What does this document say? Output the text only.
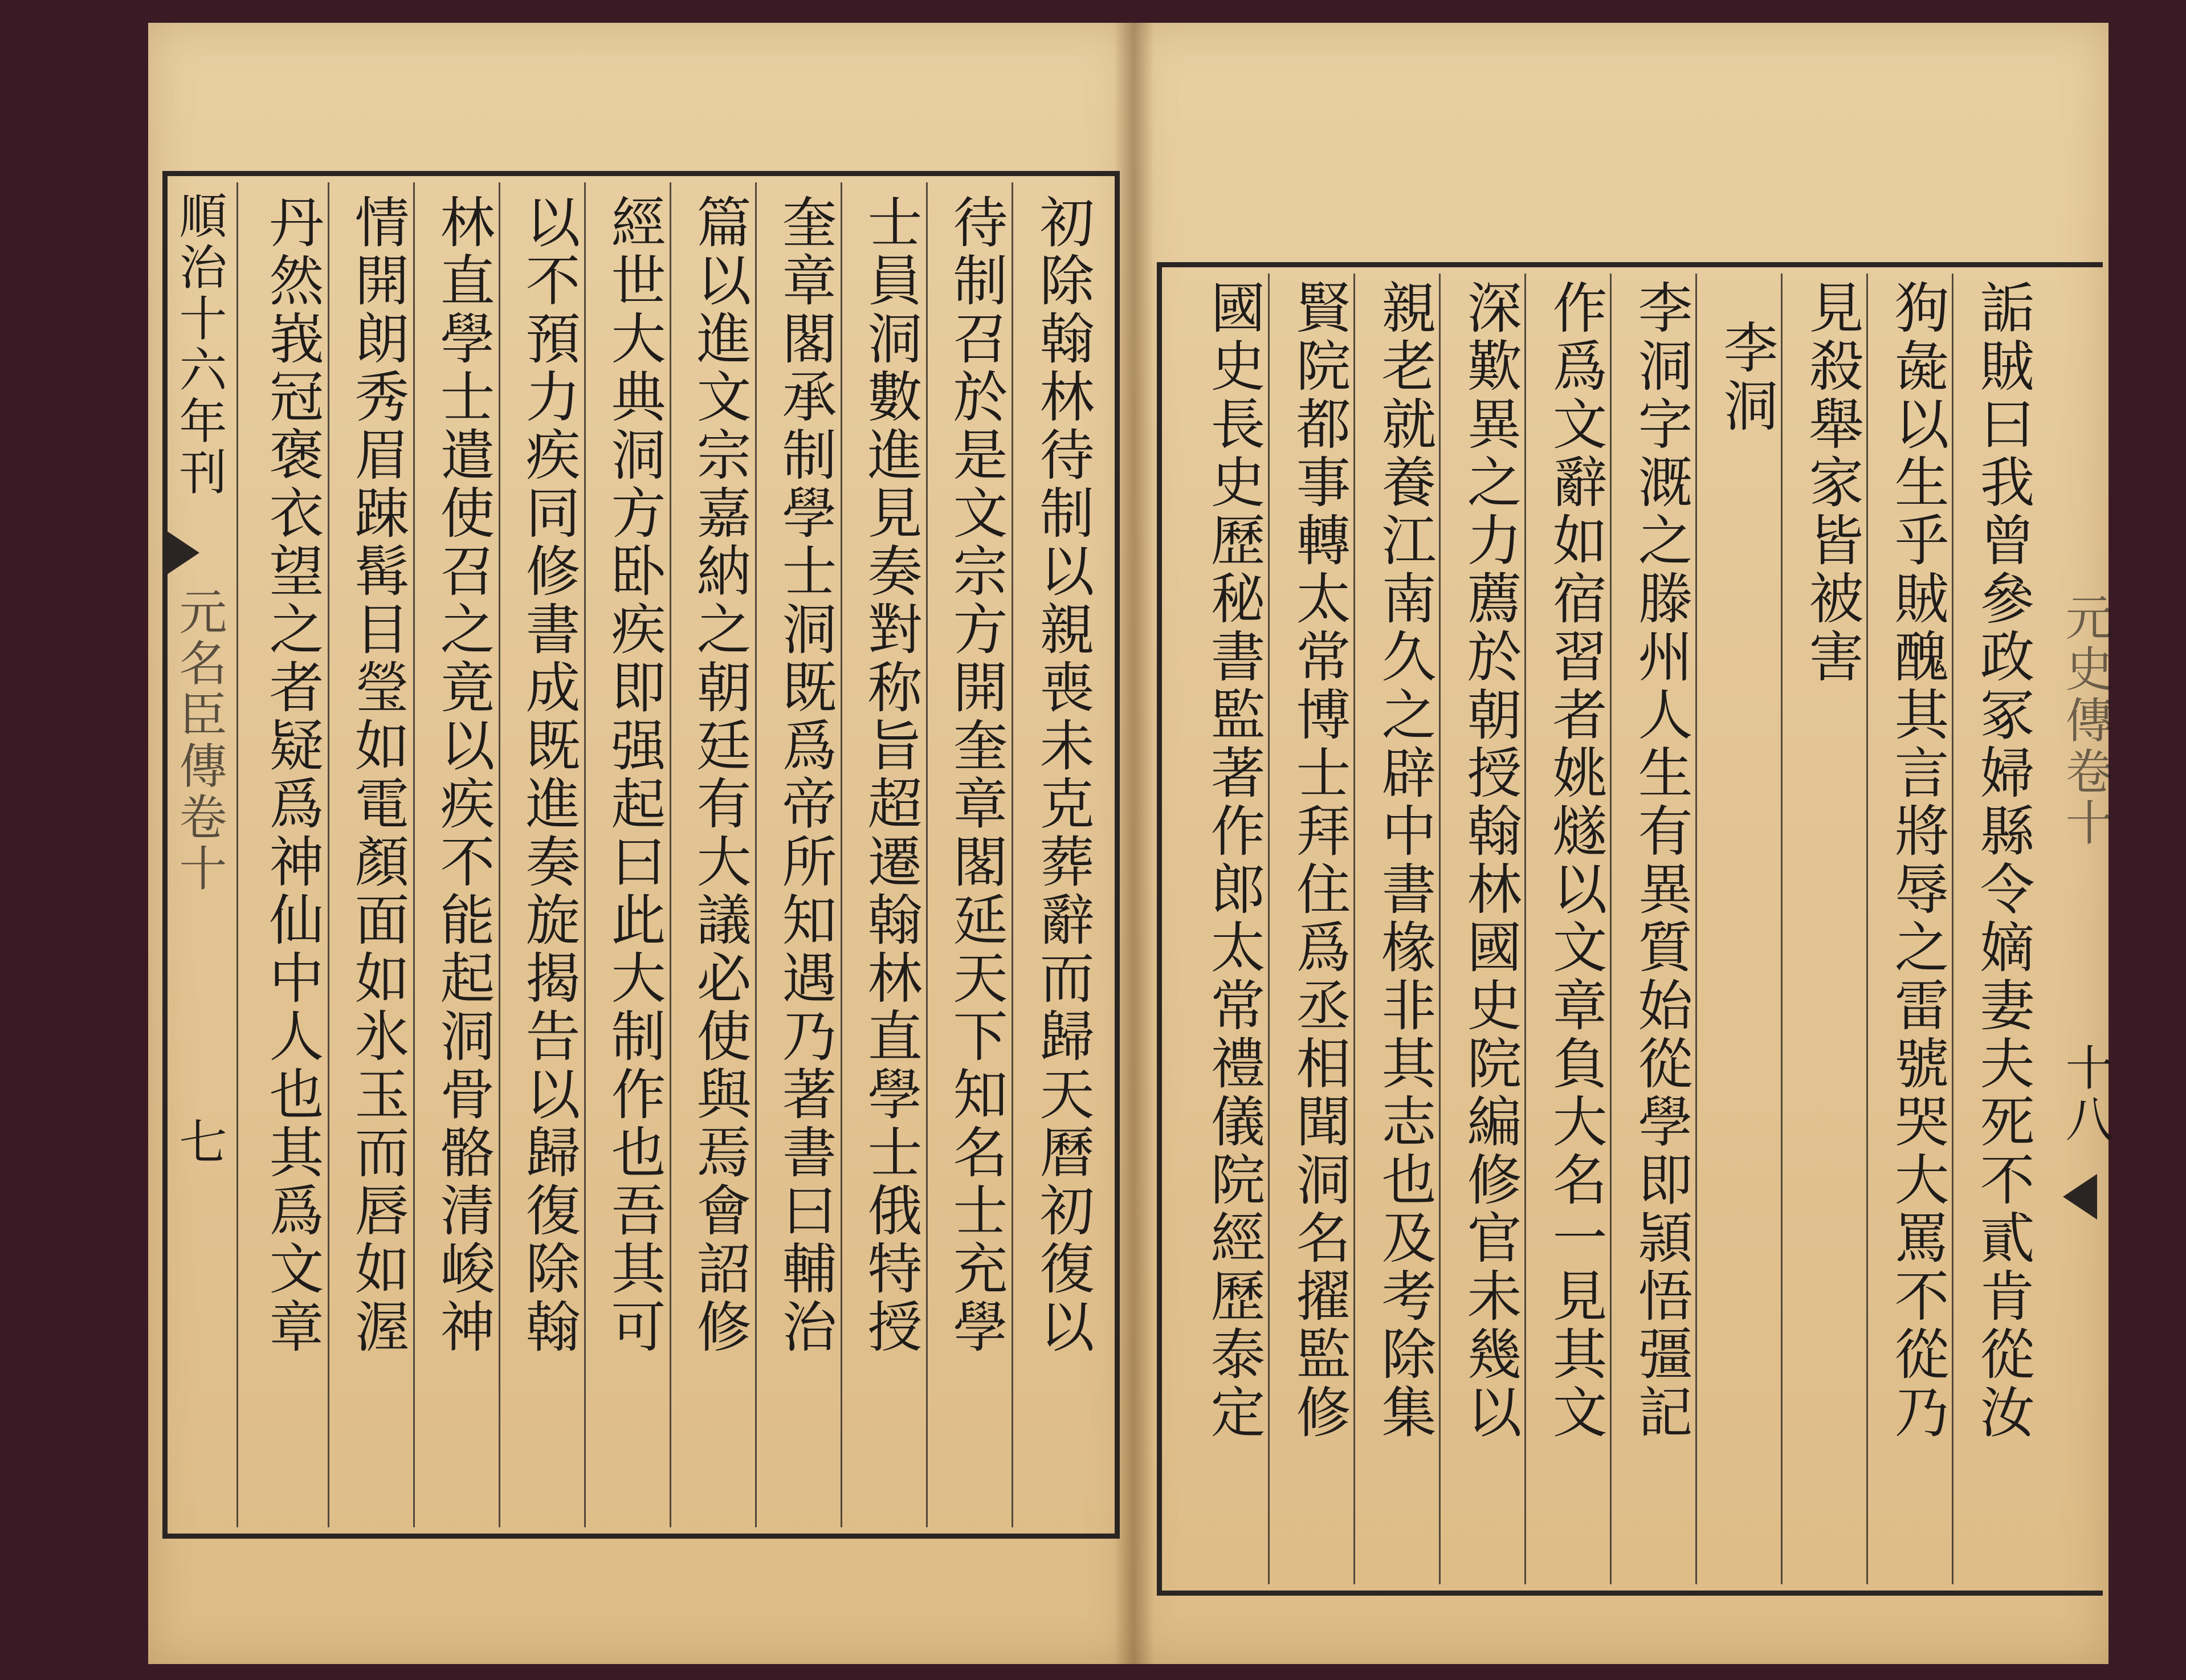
順治十六年刊
元名臣傳卷十
七	初除翰林待制以親喪未克葬辭而歸天曆初復以
待制召於是文宗方開奎章閣延天下知名士充學
士員洞數進見奏對称旨超遷翰林直學士俄特授
奎章閣承制學士洞既爲帝所知遇乃著書曰輔治
篇以進文宗嘉納之朝廷有大議必使與焉會詔修
經世大典洞方卧疾即强起曰此大制作也吾其可
以不預力疾同修書成既進奏旋揭告以歸復除翰
林直學士遣使召之竟以疾不能起洞骨骼清峻神
情開朗秀眉踈髯目瑩如電顏面如氷玉而唇如渥
丹然峩冠褒衣望之者疑爲神仙中人也其爲文章	元史傳卷十
十八
詬賊曰我曾參政冢婦縣令嫡妻夫死不貳肯從汝
狗彘以生乎賊醜其言將辱之雷號哭大罵不從乃
見殺舉家皆被害
李洞
李洞字溉之滕州人生有異質始從學即頴悟彊記
作爲文辭如宿習者姚燧以文章負大名一見其文
深歎異之力薦於朝授翰林國史院編修官未幾以
親老就養江南久之辟中書椽非其志也及考除集
賢院都事轉太常博士拜住爲丞相聞洞名擢監修
國史長史歷秘書監著作郎太常禮儀院經歷泰定
